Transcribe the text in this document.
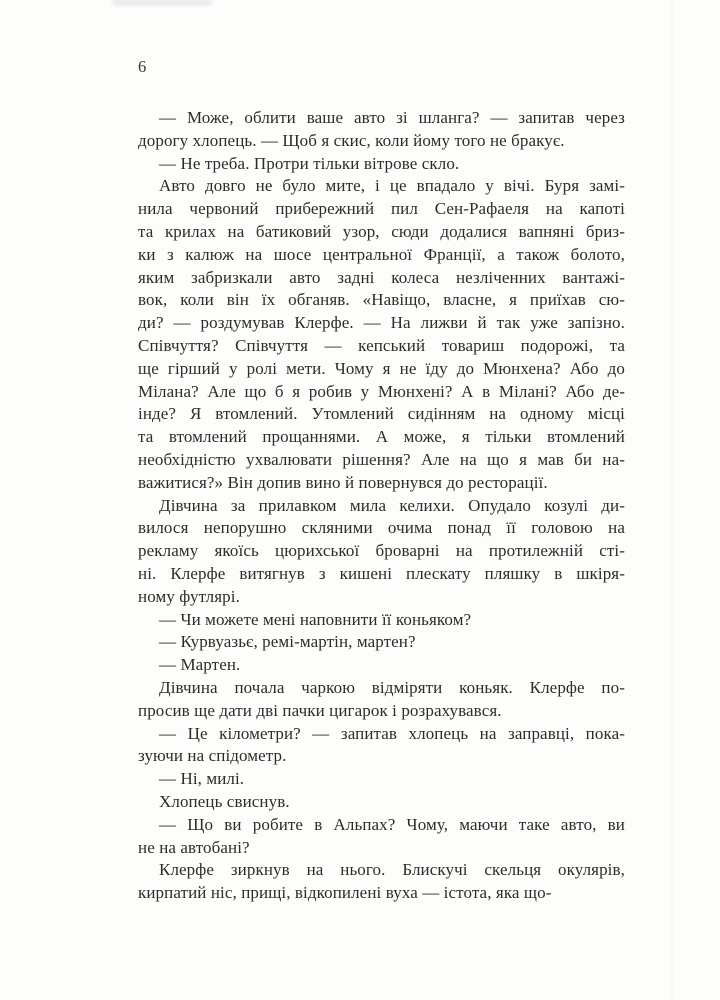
6
— Може, облити ваше авто зі шланга? — запитав через
дорогу хлопець. — Щоб я скис, коли йому того не бракує.
— Не треба. Протри тільки вітрове скло.
Авто довго не було мите, і це впадало у вічі. Буря замі-
нила червоний прибережний пил Сен-Рафаеля на капоті
та крилах на батиковий узор, сюди додалися вапняні бриз-
ки з калюж на шосе центральної Франції, а також болото,
яким забризкали авто задні колеса незліченних вантажі-
вок, коли він їх обганяв. «Навіщо, власне, я приїхав сю-
ди? — роздумував Клерфе. — На лижви й так уже запізно.
Співчуття? Співчуття — кепський товариш подорожі, та
ще гірший у ролі мети. Чому я не їду до Мюнхена? Або до
Мілана? Але що б я робив у Мюнхені? А в Мілані? Або де-
інде? Я втомлений. Утомлений сидінням на одному місці
та втомлений прощаннями. А може, я тільки втомлений
необхідністю ухвалювати рішення? Але на що я мав би на-
важитися?» Він допив вино й повернувся до ресторації.
Дівчина за прилавком мила келихи. Опудало козулі ди-
вилося непорушно скляними очима понад її головою на
рекламу якоїсь цюрихської броварні на протилежній сті-
ні. Клерфе витягнув з кишені плескату пляшку в шкіря-
ному футлярі.
— Чи можете мені наповнити її коньяком?
— Курвуазьє, ремі-мартін, мартен?
— Мартен.
Дівчина почала чаркою відміряти коньяк. Клерфе по-
просив ще дати дві пачки цигарок і розрахувався.
— Це кілометри? — запитав хлопець на заправці, пока-
зуючи на спідометр.
— Ні, милі.
Хлопець свиснув.
— Що ви робите в Альпах? Чому, маючи таке авто, ви
не на автобані?
Клерфе зиркнув на нього. Блискучі скельця окулярів,
кирпатий ніс, прищі, відкопилені вуха — істота, яка що-
